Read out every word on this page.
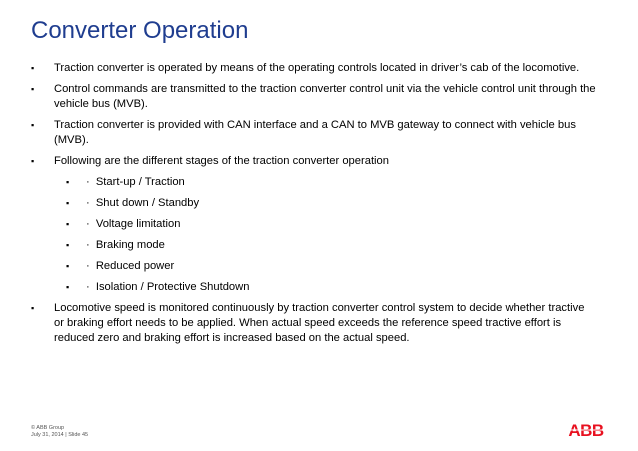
Converter Operation
▪ Traction converter is operated by means of the operating controls located in driver’s cab of the locomotive.
▪ Control commands are transmitted to the traction converter control unit via the vehicle control unit through the vehicle bus (MVB).
▪ Traction converter is provided with CAN interface and a CAN to MVB gateway to connect with vehicle bus (MVB).
▪ Following are the different stages of the traction converter operation
▪ · Start-up / Traction
▪ · Shut down / Standby
▪ · Voltage limitation
▪ · Braking mode
▪ · Reduced power
▪ · Isolation / Protective Shutdown
▪ Locomotive speed is monitored continuously by traction converter control system to decide whether tractive or braking effort needs to be applied. When actual speed exceeds the reference speed tractive effort is reduced zero and braking effort is increased based on the actual speed.
© ABB Group
July 31, 2014 | Slide 45	ABB
